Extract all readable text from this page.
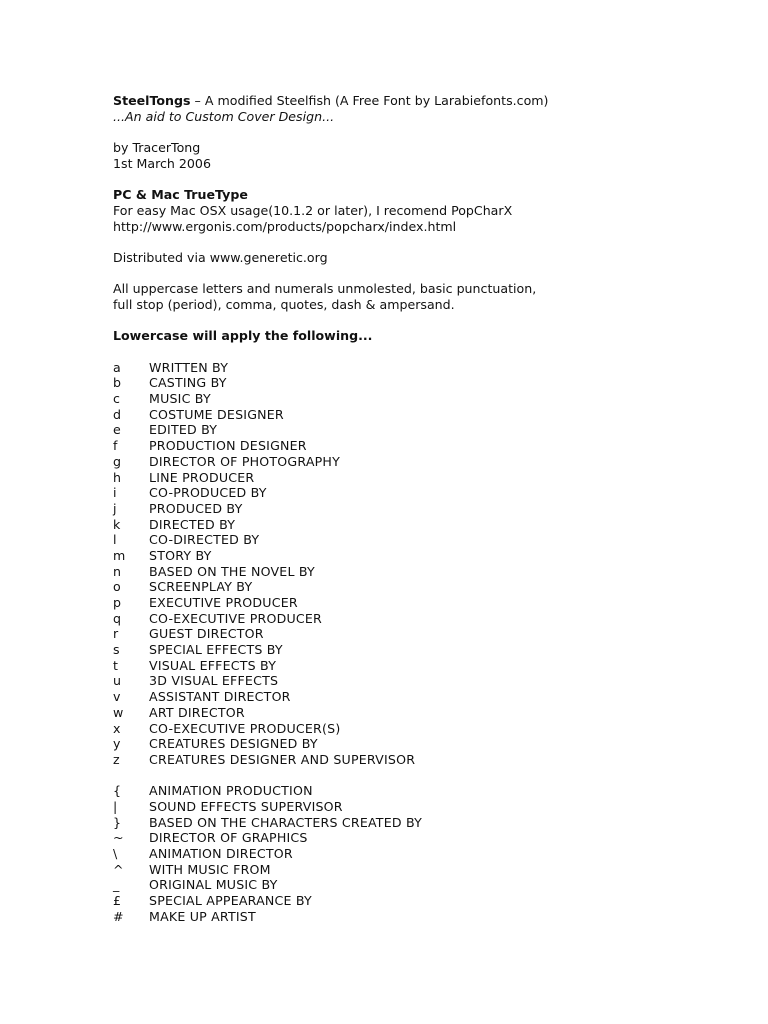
SteelTongs – A modified Steelfish (A Free Font by Larabiefonts.com)
...An aid to Custom Cover Design...
by TracerTong
1st March 2006
PC & Mac TrueType
For easy Mac OSX usage(10.1.2 or later), I recomend PopCharX
http://www.ergonis.com/products/popcharx/index.html
Distributed via www.generetic.org
All uppercase letters and numerals unmolested, basic punctuation,
full stop (period), comma, quotes, dash & ampersand.
Lowercase will apply the following...
a	WRITTEN BY
b	CASTING BY
c	MUSIC BY
d	COSTUME DESIGNER
e	EDITED BY
f	PRODUCTION DESIGNER
g	DIRECTOR OF PHOTOGRAPHY
h	LINE PRODUCER
i	CO-PRODUCED BY
j	PRODUCED BY
k	DIRECTED BY
l	CO-DIRECTED BY
m	STORY BY
n	BASED ON THE NOVEL BY
o	SCREENPLAY BY
p	EXECUTIVE PRODUCER
q	CO-EXECUTIVE PRODUCER
r	GUEST DIRECTOR
s	SPECIAL EFFECTS BY
t	VISUAL EFFECTS BY
u	3D VISUAL EFFECTS
v	ASSISTANT DIRECTOR
w	ART DIRECTOR
x	CO-EXECUTIVE PRODUCER(S)
y	CREATURES DESIGNED BY
z	CREATURES DESIGNER AND SUPERVISOR
{	ANIMATION PRODUCTION
|	SOUND EFFECTS SUPERVISOR
}	BASED ON THE CHARACTERS CREATED BY
~	DIRECTOR OF GRAPHICS
\	ANIMATION DIRECTOR
^	WITH MUSIC FROM
_	ORIGINAL MUSIC BY
£	SPECIAL APPEARANCE BY
#	MAKE UP ARTIST
